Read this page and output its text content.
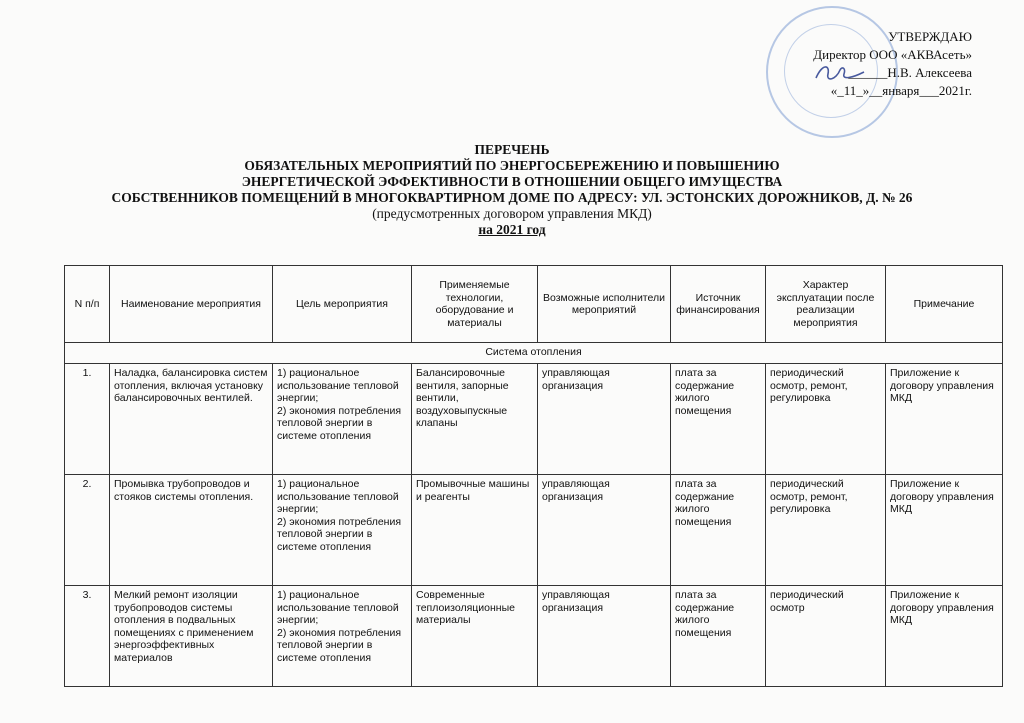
УТВЕРЖДАЮ
Директор ООО «АКВАсеть»
______Н.В. Алексеева
«_11_»__января___2021г.
ПЕРЕЧЕНЬ
ОБЯЗАТЕЛЬНЫХ МЕРОПРИЯТИЙ ПО ЭНЕРГОСБЕРЕЖЕНИЮ И ПОВЫШЕНИЮ
ЭНЕРГЕТИЧЕСКОЙ ЭФФЕКТИВНОСТИ В ОТНОШЕНИИ ОБЩЕГО ИМУЩЕСТВА
СОБСТВЕННИКОВ ПОМЕЩЕНИЙ В МНОГОКВАРТИРНОМ ДОМЕ ПО АДРЕСУ: УЛ. ЭСТОНСКИХ ДОРОЖНИКОВ, Д. № 26
(предусмотренных договором управления МКД)
на 2021 год
N п/п	Наименование мероприятия	Цель мероприятия	Применяемые технологии, оборудование и материалы	Возможные исполнители мероприятий	Источник финансирования	Характер эксплуатации после реализации мероприятия	Примечание
Система отопления							
1.	Наладка, балансировка систем отопления, включая установку балансировочных вентилей.	1) рациональное использование тепловой энергии;
2) экономия потребления тепловой энергии в системе отопления	Балансировочные вентиля, запорные вентили, воздуховыпускные клапаны	управляющая организация	плата за содержание жилого помещения	периодический осмотр, ремонт, регулировка	Приложение к договору управления МКД
2.	Промывка трубопроводов и стояков системы отопления.	1) рациональное использование тепловой энергии;
2) экономия потребления тепловой энергии в системе отопления	Промывочные машины и реагенты	управляющая организация	плата за содержание жилого помещения	периодический осмотр, ремонт, регулировка	Приложение к договору управления МКД
3.	Мелкий ремонт изоляции трубопроводов системы отопления в подвальных помещениях с применением энергоэффективных материалов	1) рациональное использование тепловой энергии;
2) экономия потребления тепловой энергии в системе отопления	Современные теплоизоляционные материалы	управляющая организация	плата за содержание жилого помещения	периодический осмотр	Приложение к договору управления МКД
